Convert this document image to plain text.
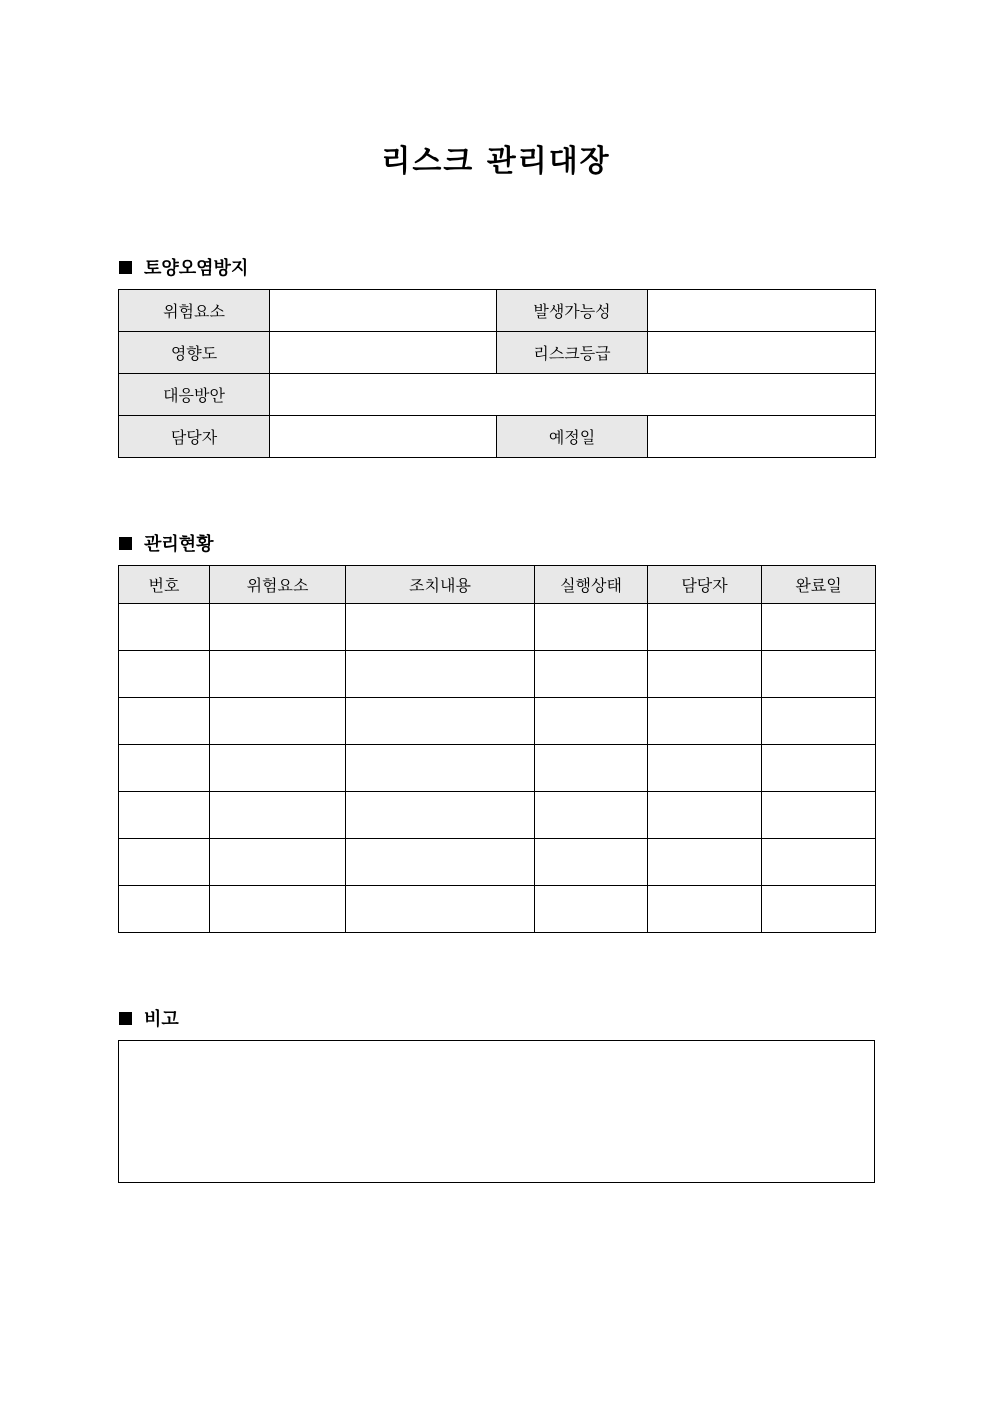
리스크 관리대장
토양오염방지
위험요소		발생가능성	
영향도		리스크등급	
대응방안			
담당자		예정일	
관리현황
번호	위험요소	조치내용	실행상태	담당자	완료일

비고
